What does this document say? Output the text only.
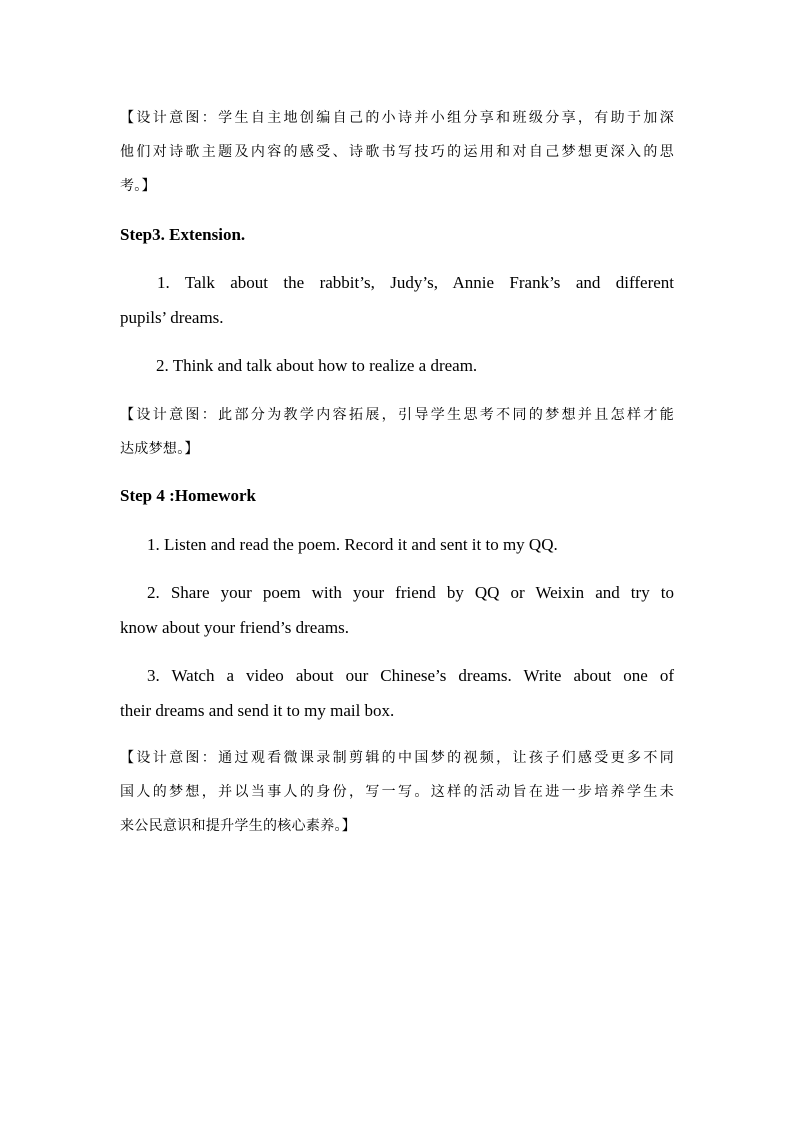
【设计意图：学生自主地创编自己的小诗并小组分享和班级分享，有助于加深
他们对诗歌主题及内容的感受、诗歌书写技巧的运用和对自己梦想更深入的思
考。】
Step3. Extension.
1. Talk about the rabbit’s, Judy’s, Annie Frank’s and different
pupils’ dreams.
2. Think and talk about how to realize a dream.
【设计意图：此部分为教学内容拓展，引导学生思考不同的梦想并且怎样才能
达成梦想。】
Step 4 :Homework
1. Listen and read the poem. Record it and sent it to my QQ.
2. Share your poem with your friend by QQ or Weixin and try to
know about your friend’s dreams.
3. Watch a video about our Chinese’s dreams. Write about one of
their dreams and send it to my mail box.
【设计意图：通过观看微课录制剪辑的中国梦的视频，让孩子们感受更多不同
国人的梦想，并以当事人的身份，写一写。这样的活动旨在进一步培养学生未
来公民意识和提升学生的核心素养。】
